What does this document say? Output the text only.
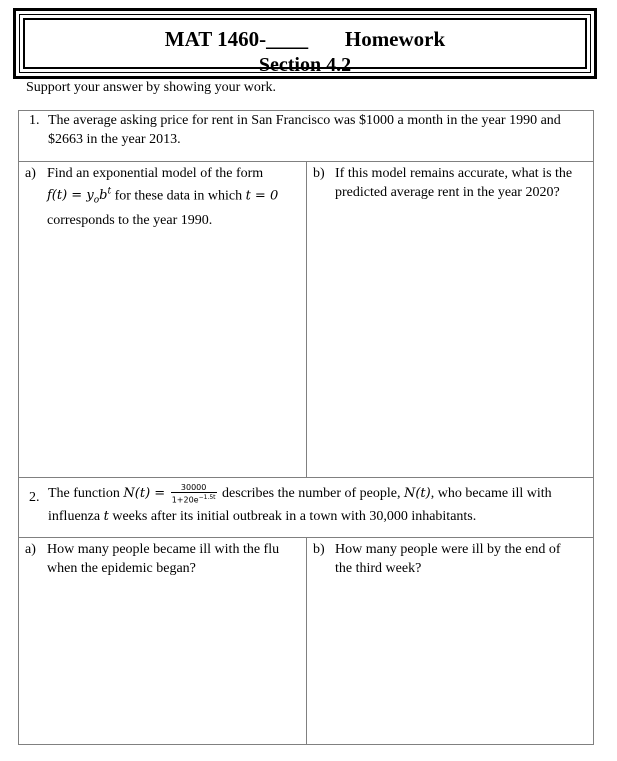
MAT 1460-____ Homework
Section 4.2
Support your answer by showing your work.
1. The average asking price for rent in San Francisco was $1000 a month in the year 1990 and
$2663 in the year 2013.
a) Find an exponential model of the form
$f(t) = y_ob^t$ for these data in which t = 0
corresponds to the year 1990.
b) If this model remains accurate, what is the
predicted average rent in the year 2020?
2. The function $N(t) = \frac{30000}{1+20e^{-1.5t}}$ describes the number of people, N(t), who became ill with
influenza t weeks after its initial outbreak in a town with 30,000 inhabitants.
a) How many people became ill with the flu
when the epidemic began?
b) How many people were ill by the end of
the third week?
